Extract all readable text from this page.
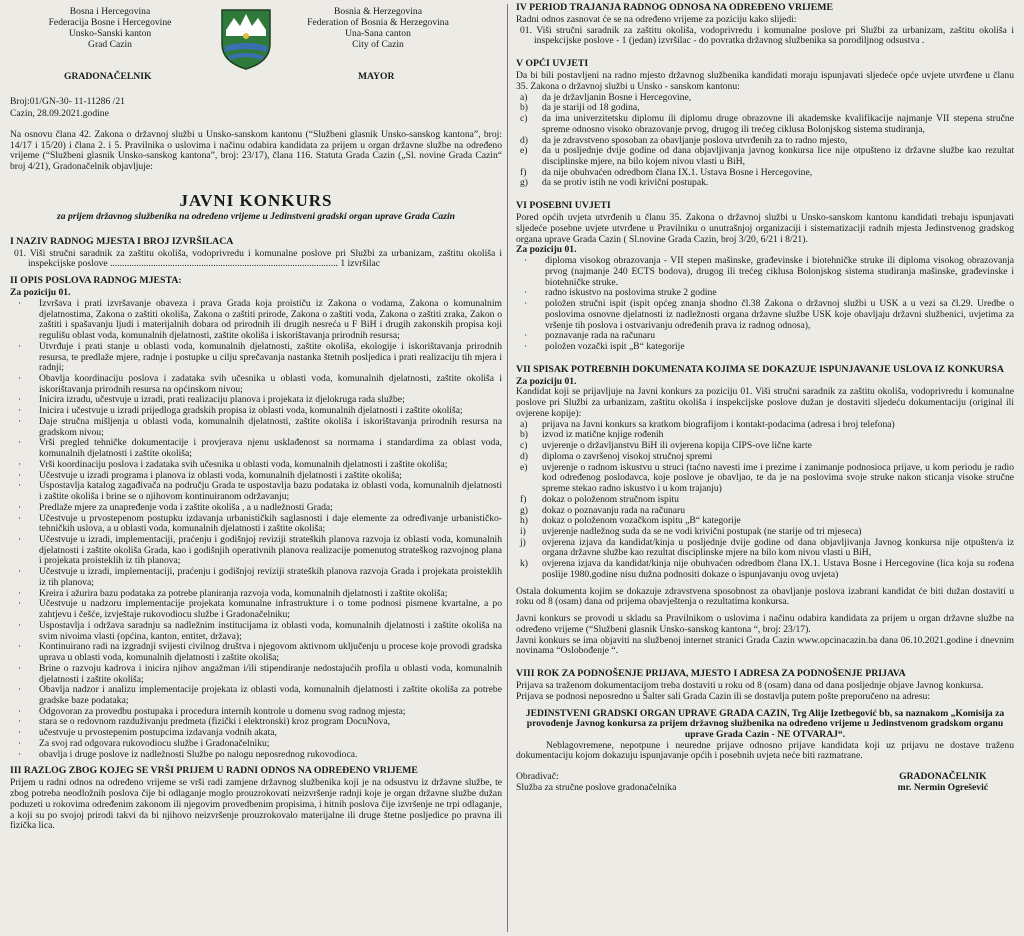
Bosna i Hercegovina
Federacija Bosne i Hercegovine
Unsko-Sanski kanton
Grad Cazin
Bosnia & Herzegovina
Federation of Bosnia & Herzegovina
Una-Sana canton
City of Cazin
GRADONAČELNIK	MAYOR
Broj:01/GN-30- 11-11286 /21
Cazin, 28.09.2021.godine

Na osnovu člana 42. Zakona o državnoj službi u Unsko-sanskom kantonu (“Službeni glasnik Unsko-sanskog kantona”, broj: 14/17 i 15/20) i člana 2. i 5. Pravilnika o uslovima i načinu odabira kandidata za prijem u organ državne službe na određeno vrijeme (“Službeni glasnik Unsko-sanskog kantona”, broj: 23/17), člana 116. Statuta Grada Cazin („Sl. novine Grada Cazin“ broj 4/21), Gradonačelnik objavljuje:

JAVNI KONKURS
za prijem državnog službenika na određeno vrijeme u Jedinstveni gradski organ uprave Grada Cazin
I NAZIV RADNOG MJESTA I BROJ IZVRŠILACA
01. Viši stručni saradnik za zaštitu okoliša, vodoprivredu i komunalne poslove pri Službi za urbanizam, zaštitu okoliša i inspekcijske poslove ............................................................................................... 1 izvršilac
II OPIS POSLOVA RADNOG MJESTA:
Za poziciju 01.
· Izvršava i prati izvršavanje obaveza i prava Grada koja proističu iz Zakona o vodama, Zakona o komunalnim djelatnostima, Zakona o zaštiti okoliša, Zakona o zaštiti prirode, Zakona o zaštiti voda, Zakona o zaštiti zraka, Zakon o zaštiti i spašavanju ljudi i materijalnih dobara od prirodnih ili drugih nesreća u F BiH i drugih zakonskih propisa koji regulišu oblast voda, komunalnih djelatnosti, zaštite okoliša i iskorištavanja prirodnih resursa;
· Utvrđuje i prati stanje u oblasti voda, komunalnih djelatnosti, zaštite okoliša, ekologije i iskorištavanja prirodnih resursa, te predlaže mjere, radnje i postupke u cilju sprečavanja nastanka štetnih posljedica i prati realizaciju tih mjera i radnji;
· Obavlja koordinaciju poslova i zadataka svih učesnika u oblasti voda, komunalnih djelatnosti, zaštite okoliša i iskorištavanja prirodnih resursa na općinskom nivou;
· Inicira izradu, učestvuje u izradi, prati realizaciju planova i projekata iz djelokruga rada službe;
· Inicira i učestvuje u izradi prijedloga gradskih propisa iz oblasti voda, komunalnih djelatnosti i zaštite okoliša;
· Daje stručna mišljenja u oblasti voda, komunalnih djelatnosti, zaštite okoliša i iskorištavanja prirodnih resursa na gradskom nivou;
· Vrši pregled tehničke dokumentacije i provjerava njenu usklađenost sa normama i standardima za oblast voda, komunalnih djelatnosti i zaštite okoliša;
· Vrši koordinaciju poslova i zadataka svih učesnika u oblasti voda, komunalnih djelatnosti i zaštite okoliša;
· Učestvuje u izradi programa i planova iz oblasti voda, komunalnih djelatnosti i zaštite okoliša;
· Uspostavlja katalog zagađivača na području Grada te uspostavlja bazu podataka iz oblasti voda, komunalnih djelatnosti i zaštite okoliša i brine se o njihovom kontinuiranom održavanju;
· Predlaže mjere za unapređenje voda i zaštite okoliša , a u nadležnosti Grada;
· Učestvuje u prvostepenom postupku izdavanja urbanističkih saglasnosti i daje elemente za određivanje urbanističko-tehničkih uslova, a u oblasti voda, komunalnih djelatnosti i zaštite okoliša;
· Učestvuje u izradi, implementaciji, praćenju i godišnjoj reviziji strateških planova razvoja iz oblasti voda, komunalnih djelatnosti i zaštite okoliša Grada, kao i godišnjih operativnih planova realizacije pomenutog strateškog razvojnog plana i projekata proisteklih iz tih planova;
· Učestvuje u izradi, implementaciji, praćenju i godišnjoj reviziji strateških planova razvoja Grada i projekata proisteklih iz tih planova;
· Kreira i ažurira bazu podataka za potrebe planiranja razvoja voda, komunalnih djelatnosti i zaštite okoliša;
· Učestvuje u nadzoru implementacije projekata komunalne infrastrukture i o tome podnosi pismene kvartalne, a po zahtjevu i češće, izvještaje rukovodiocu službe i Gradonačelniku;
· Uspostavlja i održava saradnju sa nadležnim institucijama iz oblasti voda, komunalnih djelatnosti i zaštite okoliša na svim nivoima vlasti (općina, kanton, entitet, država);
· Kontinuirano radi na izgradnji svijesti civilnog društva i njegovom aktivnom uključenju u procese koje provodi gradska uprava u oblasti voda, komunalnih djelatnosti i zaštite okoliša;
· Brine o razvoju kadrova i inicira njihov angažman i/ili stipendiranje nedostajućih profila u oblasti voda, komunalnih djelatnosti i zaštite okoliša;
· Obavlja nadzor i analizu implementacije projekata iz oblasti voda, komunalnih djelatnosti i zaštite okoliša za potrebe gradske baze podataka;
· Odgovoran za provedbu postupaka i procedura internih kontrole u domenu svog radnog mjesta;
· stara se o redovnom razduživanju predmeta (fizički i elektronski) kroz program DocuNova,
· učestvuje u prvostepenim postupcima izdavanja vodnih akata,
· Za svoj rad odgovara rukovodiocu službe i Gradonačelniku;
· obavlja i druge poslove iz nadležnosti Službe po nalogu neposrednog rukovodioca.
III RAZLOG ZBOG KOJEG SE VRŠI PRIJEM U RADNI ODNOS NA ODREĐENO VRIJEME

Prijem u radni odnos na određeno vrijeme se vrši radi zamjene državnog službenika koji je na odsustvu iz državne službe, te zbog potreba neodložnih poslova čije bi odlaganje moglo prouzrokovati neizvršenje radnji koje je organ državne službe dužan poduzeti u rokovima određenim zakonom ili njegovim provedbenim propisima, i hitnih poslova čije izvršenje ne trpi odlaganje, a koji su po svojoj prirodi takvi da bi njihovo neizvršenje prouzrokovalo materijalne ili druge štetne posljedice po pravna ili fizička lica.

IV PERIOD TRAJANJA RADNOG ODNOSA NA ODREĐENO VRIJEME

Radni odnos zasnovat će se na određeno vrijeme za poziciju kako slijedi:

01. Viši stručni saradnik za zaštitu okoliša, vodoprivredu i komunalne poslove pri Službi za urbanizam, zaštitu okoliša i inspekcijske poslove - 1 (jedan) izvršilac - do povratka državnog službenika sa porodiljnog odsustva .
V OPĆI UVJETI

Da bi bili postavljeni na radno mjesto državnog službenika kandidati moraju ispunjavati sljedeće opće uvjete utvrđene u članu 35. Zakona o državnoj službi u Unsko - sanskom kantonu:

a) da je državljanin Bosne i Hercegovine,
b) da je stariji od 18 godina,
c) da ima univerzitetsku diplomu ili diplomu druge obrazovne ili akademske kvalifikacije najmanje VII stepena stručne spreme odnosno visoko obrazovanje prvog, drugog ili trećeg ciklusa Bolonjskog sistema studiranja,
d) da je zdravstveno sposoban za obavljanje poslova utvrđenih za to radno mjesto,
e) da u posljednje dvije godine od dana objavljivanja javnog konkursa lice nije otpušteno iz državne službe kao rezultat disciplinske mjere, na bilo kojem nivou vlasti u BiH,
f) da nije obuhvaćen odredbom člana IX.1. Ustava Bosne i Hercegovine,
g) da se protiv istih ne vodi krivični postupak.
VI POSEBNI UVJETI

Pored općih uvjeta utvrđenih u članu 35. Zakona o državnoj službi u Unsko-sanskom kantonu kandidati trebaju ispunjavati sljedeće posebne uvjete utvrđene u Pravilniku o unutrašnjoj organizaciji i sistematizaciji radnih mjesta Jedinstvenog gradskog organa uprave Grada Cazin ( Sl.novine Grada Cazin, broj 3/20, 6/21 i 8/21).

Za poziciju 01.
· diploma visokog obrazovanja - VII stepen mašinske, građevinske i biotehničke struke ili diploma visokog obrazovanja prvog (najmanje 240 ECTS bodova), drugog ili trećeg ciklusa Bolonjskog sistema studiranja mašinske, građevinske i biotehničke struke.
· radno iskustvo na poslovima struke 2 godine
· položen stručni ispit (ispit općeg znanja shodno čl.38 Zakona o državnoj službi u USK a u vezi sa čl.29. Uredbe o poslovima osnovne djelatnosti iz nadležnosti organa državne službe USK koje obavljaju državni službenici, uvjetima za vršenje tih poslova i ostvarivanju određenih prava iz radnog odnosa),
· poznavanje rada na računaru
· položen vozački ispit „B“ kategorije
VII SPISAK POTREBNIH DOKUMENATA KOJIMA SE DOKAZUJE ISPUNJAVANJE USLOVA IZ KONKURSA
Za poziciju 01.

Kandidat koji se prijavljuje na Javni konkurs za poziciju 01. Viši stručni saradnik za zaštitu okoliša, vodoprivredu i komunalne poslove pri Službi za urbanizam, zaštitu okoliša i inspekcijske poslove dužan je dostaviti sljedeću dokumentaciju (original ili ovjerene kopije):

a) prijava na Javni konkurs sa kratkom biografijom i kontakt-podacima (adresa i broj telefona)
b) izvod iz matične knjige rođenih
c) uvjerenje o državljanstvu BiH ili ovjerena kopija CIPS-ove lične karte
d) diploma o završenoj visokoj stručnoj spremi
e) uvjerenje o radnom iskustvu u struci (taćno navesti ime i prezime i zanimanje podnosioca prijave, u kom periodu je radio kod određenog poslodavca, koje poslove je obavljao, te da je na poslovima svoje struke nakon sticanja visoke stručne spreme stekao radno iskustvo i u kom trajanju)
f) dokaz o položenom stručnom ispitu
g) dokaz o poznavanju rada na računaru
h) dokaz o položenom vozačkom ispitu „B“ kategorije
i) uvjerenje nadležnog suda da se ne vodi krivični postupak (ne starije od tri mjeseca)
j) ovjerena izjava da kandidat/kinja u posljednje dvije godine od dana objavljivanja Javnog konkursa nije otpušten/a iz organa državne službe kao rezultat disciplinske mjere na bilo kom nivou vlasti u BiH,
k) ovjerena izjava da kandidat/kinja nije obuhvaćen odredbom člana IX.1. Ustava Bosne i Hercegovine (lica koja su rođena poslije 1980.godine nisu dužna podnositi dokaze o ispunjavanju ovog uvjeta)

Ostala dokumenta kojim se dokazuje zdravstvena sposobnost za obavljanje poslova izabrani kandidat će biti dužan dostaviti u roku od 8 (osam) dana od prijema obavještenja o rezultatima konkursa.

Javni konkurs se provodi u skladu sa Pravilnikom o uslovima i načinu odabira kandidata za prijem u organ državne službe na određeno vrijeme (“Službeni glasnik Unsko-sanskog kantona “, broj: 23/17).

Javni konkurs se ima objaviti na službenoj internet stranici Grada Cazin www.opcinacazin.ba dana 06.10.2021.godine i dnevnim novinama “Oslobođenje “.

VIII ROK ZA PODNOŠENJE PRIJAVA, MJESTO I ADRESA ZA PODNOŠENJE PRIJAVA

Prijava sa traženom dokumentacijom treba dostaviti u roku od 8 (osam) dana od dana posljednje objave Javnog konkursa.

Prijava se podnosi neposredno u Šalter sali Grada Cazin ili se dostavlja putem pošte preporučeno na adresu:

JEDINSTVENI GRADSKI ORGAN UPRAVE GRADA CAZIN, Trg Alije Izetbegović bb, sa naznakom „Komisija za provođenje Javnog konkursa za prijem državnog službenika na određeno vrijeme u Jedinstvenom gradskom organu uprave Grada Cazin - NE OTVARAJ“.

Neblagovremene, nepotpune i neuredne prijave odnosno prijave kandidata koji uz prijavu ne dostave traženu dokumentaciju kojom dokazuju ispunjavanje općih i posebnih uvjeta neće biti razmatrane.

Obradivač:
Služba za stručne poslove gradonačelnika
GRADONAČELNIK
mr. Nermin Ogrešević
